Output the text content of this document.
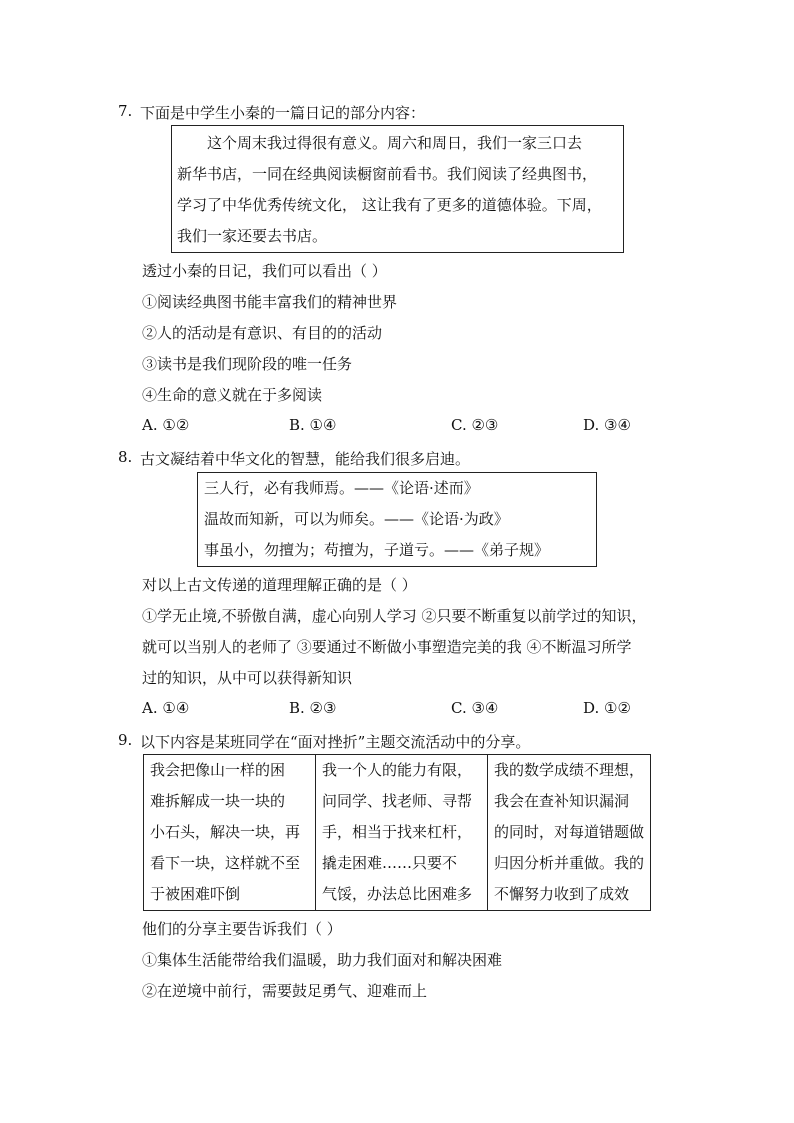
7. 下面是中学生小秦的一篇日记的部分内容：
这个周末我过得很有意义。周六和周日，我们一家三口去
新华书店，一同在经典阅读橱窗前看书。我们阅读了经典图书，
学习了中华优秀传统文化， 这让我有了更多的道德体验。下周，
我们一家还要去书店。
透过小秦的日记，我们可以看出（ ）
①阅读经典图书能丰富我们的精神世界
②人的活动是有意识、有目的的活动
③读书是我们现阶段的唯一任务
④生命的意义就在于多阅读
A. ①②	B. ①④	C. ②③	D. ③④
8. 古文凝结着中华文化的智慧，能给我们很多启迪。
三人行，必有我师焉。——《论语·述而》
温故而知新，可以为师矣。——《论语·为政》
事虽小，勿擅为；苟擅为，子道亏。——《弟子规》
对以上古文传递的道理理解正确的是（ ）
①学无止境,不骄傲自满，虚心向别人学习 ②只要不断重复以前学过的知识，
就可以当别人的老师了 ③要通过不断做小事塑造完美的我 ④不断温习所学
过的知识，从中可以获得新知识
A. ①④	B. ②③	C. ③④	D. ①②
9. 以下内容是某班同学在“面对挫折”主题交流活动中的分享。
我会把像山一样的困
难拆解成一块一块的
小石头，解决一块，再
看下一块，这样就不至
于被困难吓倒

我一个人的能力有限，
问同学、找老师、寻帮
手，相当于找来杠杆，
撬走困难……只要不
气馁，办法总比困难多

我的数学成绩不理想，
我会在查补知识漏洞
的同时，对每道错题做
归因分析并重做。我的
不懈努力收到了成效
他们的分享主要告诉我们（ ）
①集体生活能带给我们温暖，助力我们面对和解决困难
②在逆境中前行，需要鼓足勇气、迎难而上
